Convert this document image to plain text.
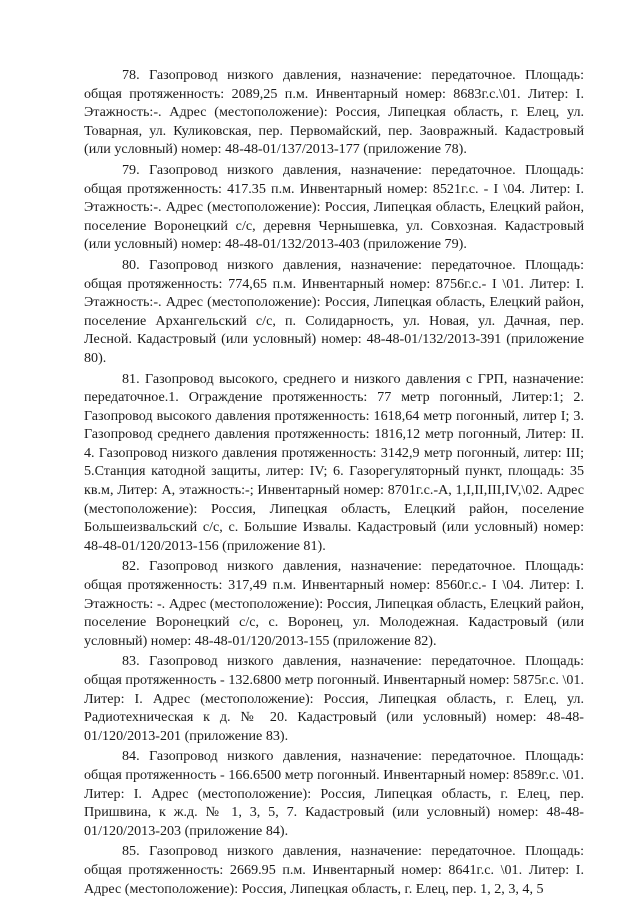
78. Газопровод низкого давления, назначение: передаточное. Площадь: общая протяженность: 2089,25 п.м. Инвентарный номер: 8683г.с.\01. Литер: I. Этажность:-. Адрес (местоположение): Россия, Липецкая область, г. Елец, ул. Товарная, ул. Куликовская, пер. Первомайский, пер. Заовражный. Кадастровый (или условный) номер: 48-48-01/137/2013-177 (приложение 78).

79. Газопровод низкого давления, назначение: передаточное. Площадь: общая протяженность: 417.35 п.м. Инвентарный номер: 8521г.с. - I \04. Литер: I. Этажность:-. Адрес (местоположение): Россия, Липецкая область, Елецкий район, поселение Воронецкий с/с, деревня Чернышевка, ул. Совхозная. Кадастровый (или условный) номер: 48-48-01/132/2013-403 (приложение 79).

80. Газопровод низкого давления, назначение: передаточное. Площадь: общая протяженность: 774,65 п.м. Инвентарный номер: 8756г.с.- I \01. Литер: I. Этажность:-. Адрес (местоположение): Россия, Липецкая область, Елецкий район, поселение Архангельский с/с, п. Солидарность, ул. Новая, ул. Дачная, пер. Лесной. Кадастровый (или условный) номер: 48-48-01/132/2013-391 (приложение 80).

81. Газопровод высокого, среднего и низкого давления с ГРП, назначение: передаточное.1. Ограждение протяженность: 77 метр погонный, Литер:1; 2. Газопровод высокого давления протяженность: 1618,64 метр погонный, литер I; 3. Газопровод среднего давления протяженность: 1816,12 метр погонный, Литер: II. 4. Газопровод низкого давления протяженность: 3142,9 метр погонный, литер: III; 5.Станция катодной защиты, литер: IV; 6. Газорегуляторный пункт, площадь: 35 кв.м, Литер: А, этажность:-; Инвентарный номер: 8701г.с.-А, 1,I,II,III,IV,\02. Адрес (местоположение): Россия, Липецкая область, Елецкий район, поселение Большеизвальский с/с, с. Большие Извалы. Кадастровый (или условный) номер: 48-48-01/120/2013-156 (приложение 81).

82. Газопровод низкого давления, назначение: передаточное. Площадь: общая протяженность: 317,49 п.м. Инвентарный номер: 8560г.с.- I \04. Литер: I. Этажность: -. Адрес (местоположение): Россия, Липецкая область, Елецкий район, поселение Воронецкий с/с, с. Воронец, ул. Молодежная. Кадастровый (или условный) номер: 48-48-01/120/2013-155 (приложение 82).

83. Газопровод низкого давления, назначение: передаточное. Площадь: общая протяженность - 132.6800 метр погонный. Инвентарный номер: 5875г.с. \01. Литер: I. Адрес (местоположение): Россия, Липецкая область, г. Елец, ул. Радиотехническая к д. № 20. Кадастровый (или условный) номер: 48-48-01/120/2013-201 (приложение 83).

84. Газопровод низкого давления, назначение: передаточное. Площадь: общая протяженность - 166.6500 метр погонный. Инвентарный номер: 8589г.с. \01. Литер: I. Адрес (местоположение): Россия, Липецкая область, г. Елец, пер. Пришвина, к ж.д. № 1, 3, 5, 7. Кадастровый (или условный) номер: 48-48-01/120/2013-203 (приложение 84).

85. Газопровод низкого давления, назначение: передаточное. Площадь: общая протяженность: 2669.95 п.м. Инвентарный номер: 8641г.с. \01. Литер: I. Адрес (местоположение): Россия, Липецкая область, г. Елец, пер. 1, 2, 3, 4, 5
